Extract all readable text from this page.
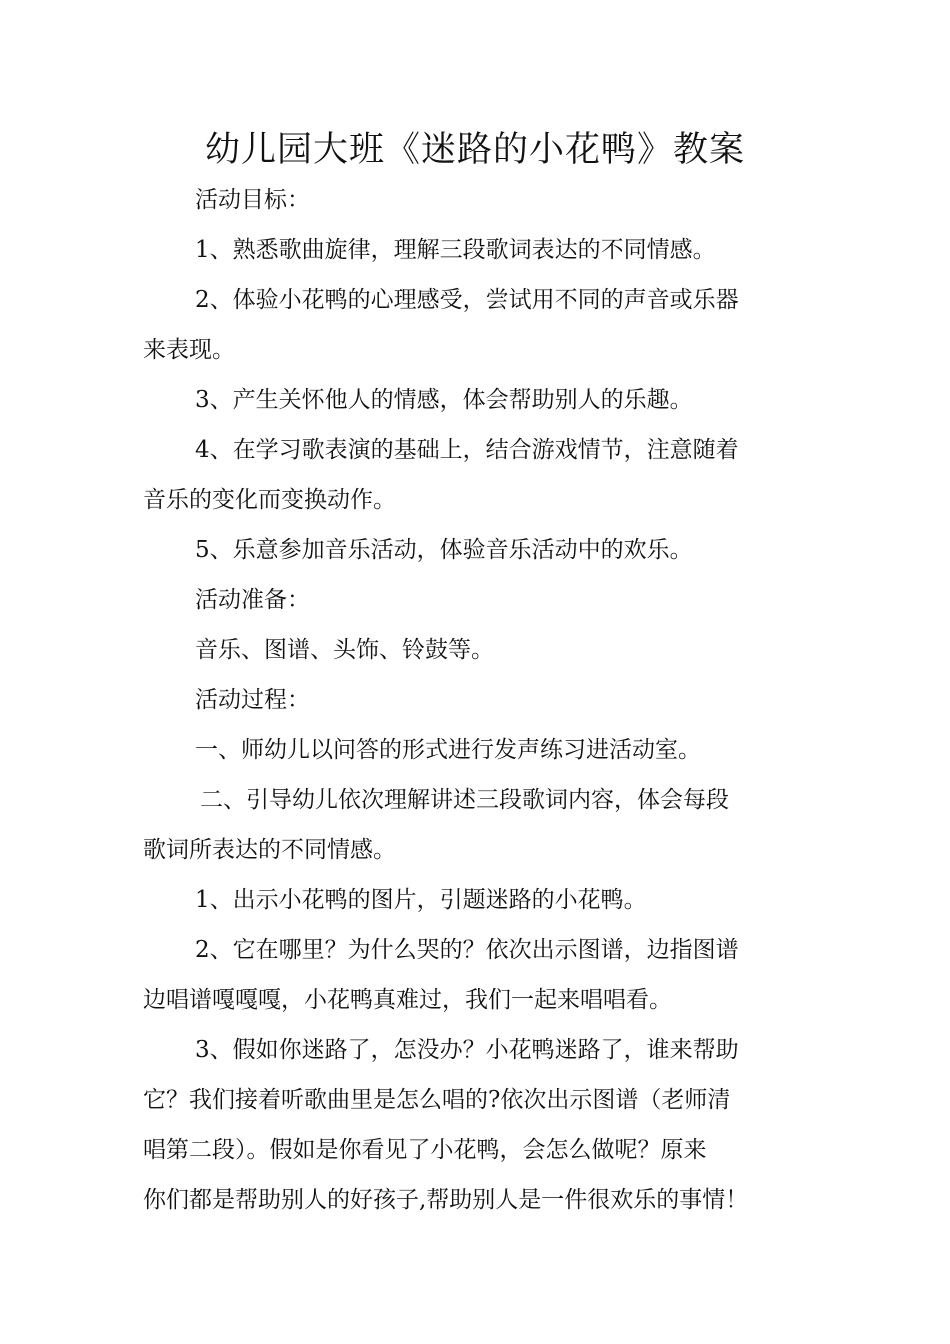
幼儿园大班《迷路的小花鸭》教案

活动目标：

1、熟悉歌曲旋律，理解三段歌词表达的不同情感。

2、体验小花鸭的心理感受，尝试用不同的声音或乐器

来表现。

3、产生关怀他人的情感，体会帮助别人的乐趣。

4、在学习歌表演的基础上，结合游戏情节，注意随着

音乐的变化而变换动作。

5、乐意参加音乐活动，体验音乐活动中的欢乐。

活动准备：

音乐、图谱、头饰、铃鼓等。

活动过程：

一、师幼儿以问答的形式进行发声练习进活动室。

二、引导幼儿依次理解讲述三段歌词内容，体会每段

歌词所表达的不同情感。

1、出示小花鸭的图片，引题迷路的小花鸭。

2、它在哪里？为什么哭的？依次出示图谱，边指图谱

边唱谱嘎嘎嘎，小花鸭真难过，我们一起来唱唱看。

3、假如你迷路了，怎没办？小花鸭迷路了，谁来帮助

它？我们接着听歌曲里是怎么唱的?依次出示图谱（老师清

唱第二段）。假如是你看见了小花鸭，会怎么做呢？原来

你们都是帮助别人的好孩子,帮助别人是一件很欢乐的事情！
